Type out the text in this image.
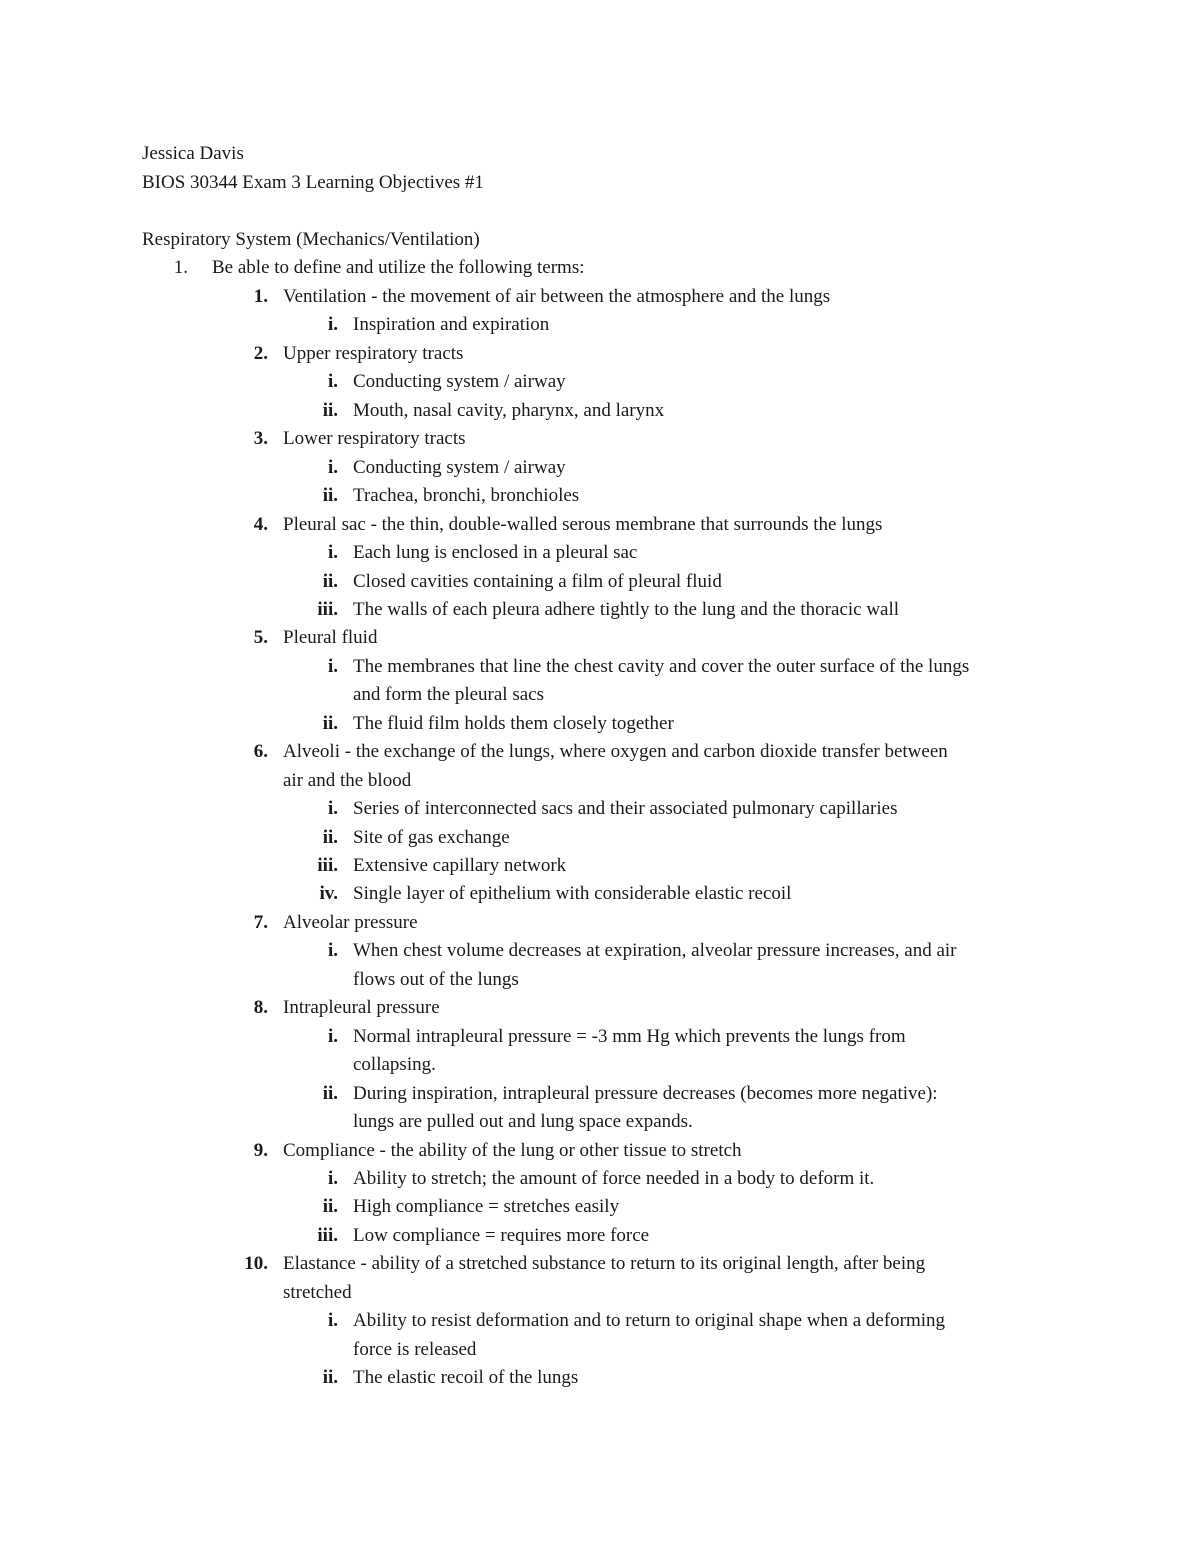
Jessica Davis
BIOS 30344 Exam 3 Learning Objectives #1
Respiratory System (Mechanics/Ventilation)
1. Be able to define and utilize the following terms:
1. Ventilation - the movement of air between the atmosphere and the lungs
i. Inspiration and expiration
2. Upper respiratory tracts
i. Conducting system / airway
ii. Mouth, nasal cavity, pharynx, and larynx
3. Lower respiratory tracts
i. Conducting system / airway
ii. Trachea, bronchi, bronchioles
4. Pleural sac - the thin, double-walled serous membrane that surrounds the lungs
i. Each lung is enclosed in a pleural sac
ii. Closed cavities containing a film of pleural fluid
iii. The walls of each pleura adhere tightly to the lung and the thoracic wall
5. Pleural fluid
i. The membranes that line the chest cavity and cover the outer surface of the lungs
and form the pleural sacs
ii. The fluid film holds them closely together
6. Alveoli - the exchange of the lungs, where oxygen and carbon dioxide transfer between
air and the blood
i. Series of interconnected sacs and their associated pulmonary capillaries
ii. Site of gas exchange
iii. Extensive capillary network
iv. Single layer of epithelium with considerable elastic recoil
7. Alveolar pressure
i. When chest volume decreases at expiration, alveolar pressure increases, and air
flows out of the lungs
8. Intrapleural pressure
i. Normal intrapleural pressure = -3 mm Hg which prevents the lungs from
collapsing.
ii. During inspiration, intrapleural pressure decreases (becomes more negative):
lungs are pulled out and lung space expands.
9. Compliance - the ability of the lung or other tissue to stretch
i. Ability to stretch; the amount of force needed in a body to deform it.
ii. High compliance = stretches easily
iii. Low compliance = requires more force
10. Elastance - ability of a stretched substance to return to its original length, after being
stretched
i. Ability to resist deformation and to return to original shape when a deforming
force is released
ii. The elastic recoil of the lungs
